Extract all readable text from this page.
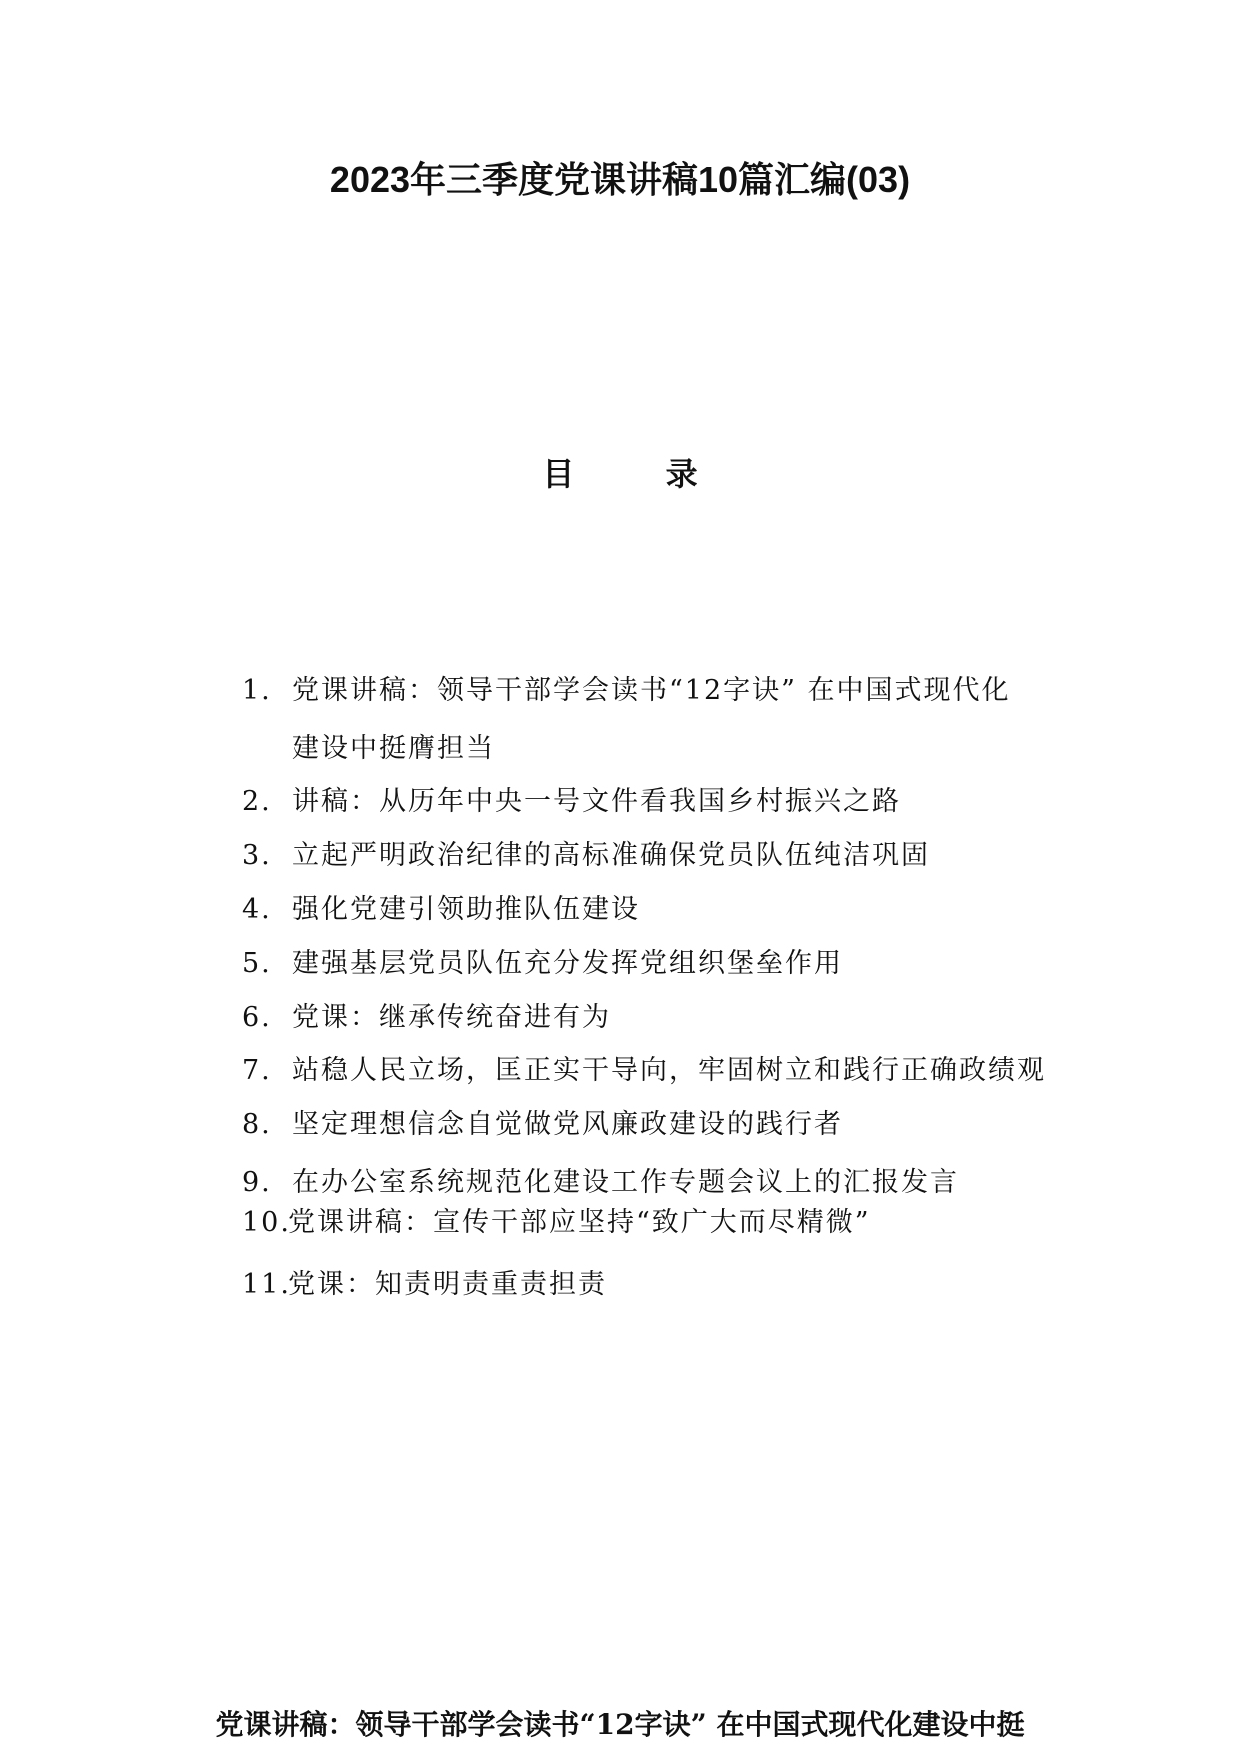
2023年三季度党课讲稿10篇汇编(03)
目 录
1. 党课讲稿：领导干部学会读书“12字诀” 在中国式现代化
建设中挺膺担当
2. 讲稿：从历年中央一号文件看我国乡村振兴之路
3. 立起严明政治纪律的高标准确保党员队伍纯洁巩固
4. 强化党建引领助推队伍建设
5. 建强基层党员队伍充分发挥党组织堡垒作用
6. 党课：继承传统奋进有为
7. 站稳人民立场，匡正实干导向，牢固树立和践行正确政绩观
8. 坚定理想信念自觉做党风廉政建设的践行者
9. 在办公室系统规范化建设工作专题会议上的汇报发言
10.党课讲稿：宣传干部应坚持“致广大而尽精微”
11.党课：知责明责重责担责
党课讲稿：领导干部学会读书“12字诀” 在中国式现代化建设中挺
